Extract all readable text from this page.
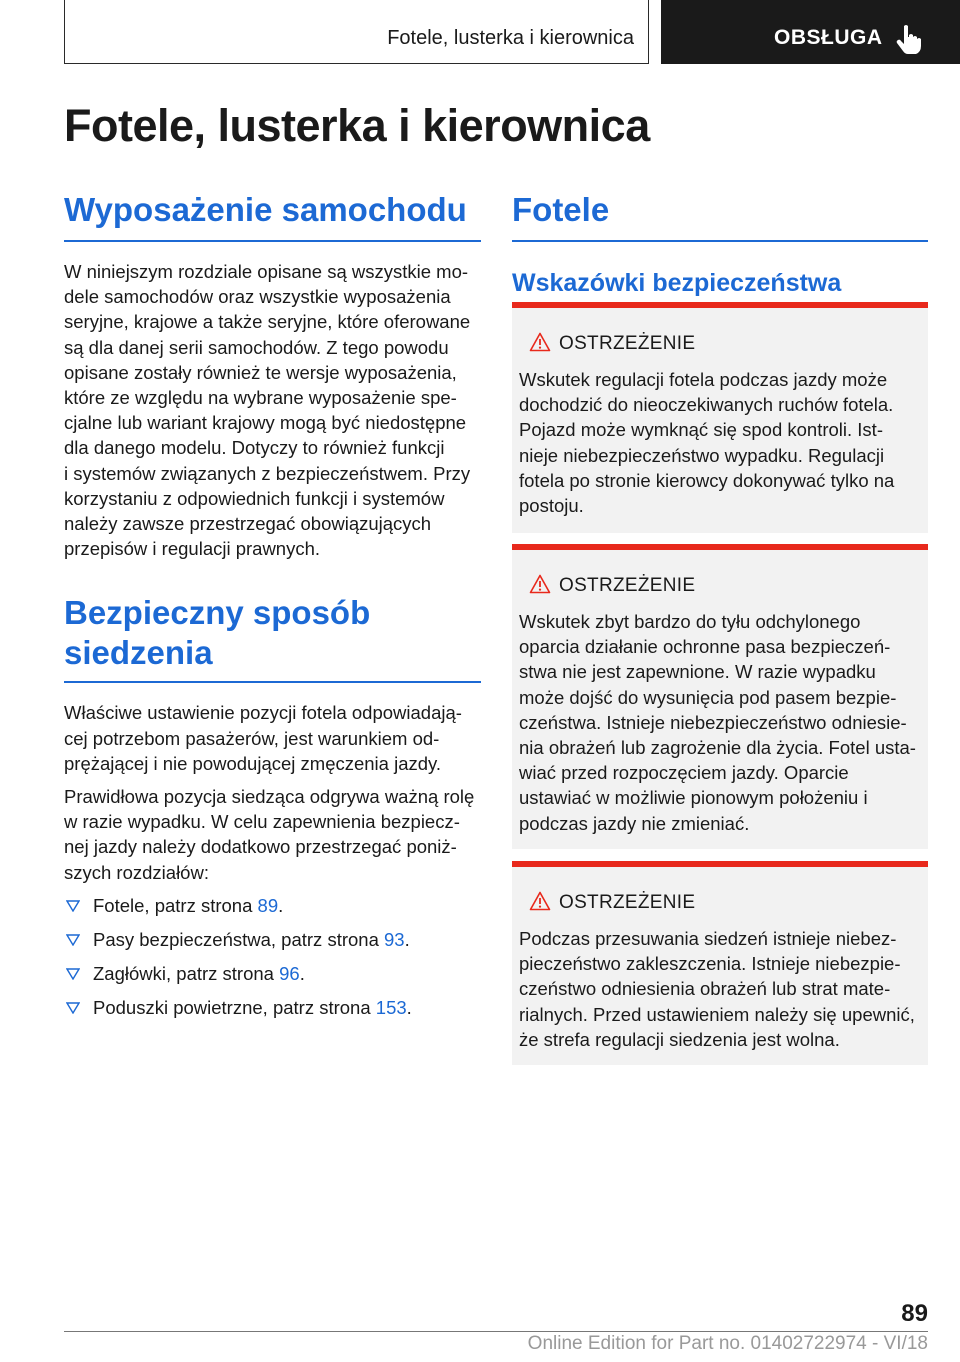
Fotele, lusterka i kierownica	OBSŁUGA
Fotele, lusterka i kierownica
Wyposażenie samochodu

W niniejszym rozdziale opisane są wszystkie mo‐
dele samochodów oraz wszystkie wyposażenia
seryjne, krajowe a także seryjne, które oferowane
są dla danej serii samochodów. Z tego powodu
opisane zostały również te wersje wyposażenia,
które ze względu na wybrane wyposażenie spe‐
cjalne lub wariant krajowy mogą być niedostępne
dla danego modelu. Dotyczy to również funkcji
i systemów związanych z bezpieczeństwem. Przy
korzystaniu z odpowiednich funkcji i systemów
należy zawsze przestrzegać obowiązujących
przepisów i regulacji prawnych.

Bezpieczny sposób
siedzenia

Właściwe ustawienie pozycji fotela odpowiadają‐
cej potrzebom pasażerów, jest warunkiem od‐
prężającej i nie powodującej zmęczenia jazdy.

Prawidłowa pozycja siedząca odgrywa ważną rolę
w razie wypadku. W celu zapewnienia bezpiecz‐
nej jazdy należy dodatkowo przestrzegać poniż‐
szych rozdziałów:

Fotele, patrz strona 89.
Pasy bezpieczeństwa, patrz strona 93.
Zagłówki, patrz strona 96.
Poduszki powietrzne, patrz strona 153.
Fotele
Wskazówki bezpieczeństwa
OSTRZEŻENIE

Wskutek regulacji fotela podczas jazdy może
dochodzić do nieoczekiwanych ruchów fotela.
Pojazd może wymknąć się spod kontroli. Ist‐
nieje niebezpieczeństwo wypadku. Regulacji
fotela po stronie kierowcy dokonywać tylko na
postoju.

OSTRZEŻENIE

Wskutek zbyt bardzo do tyłu odchylonego
oparcia działanie ochronne pasa bezpieczeń‐
stwa nie jest zapewnione. W razie wypadku
może dojść do wysunięcia pod pasem bezpie‐
czeństwa. Istnieje niebezpieczeństwo odniesie‐
nia obrażeń lub zagrożenie dla życia. Fotel usta‐
wiać przed rozpoczęciem jazdy. Oparcie
ustawiać w możliwie pionowym położeniu i
podczas jazdy nie zmieniać.

OSTRZEŻENIE

Podczas przesuwania siedzeń istnieje niebez‐
pieczeństwo zakleszczenia. Istnieje niebezpie‐
czeństwo odniesienia obrażeń lub strat mate‐
rialnych. Przed ustawieniem należy się upewnić,
że strefa regulacji siedzenia jest wolna.

89
Online Edition for Part no. 01402722974 - VI/18
